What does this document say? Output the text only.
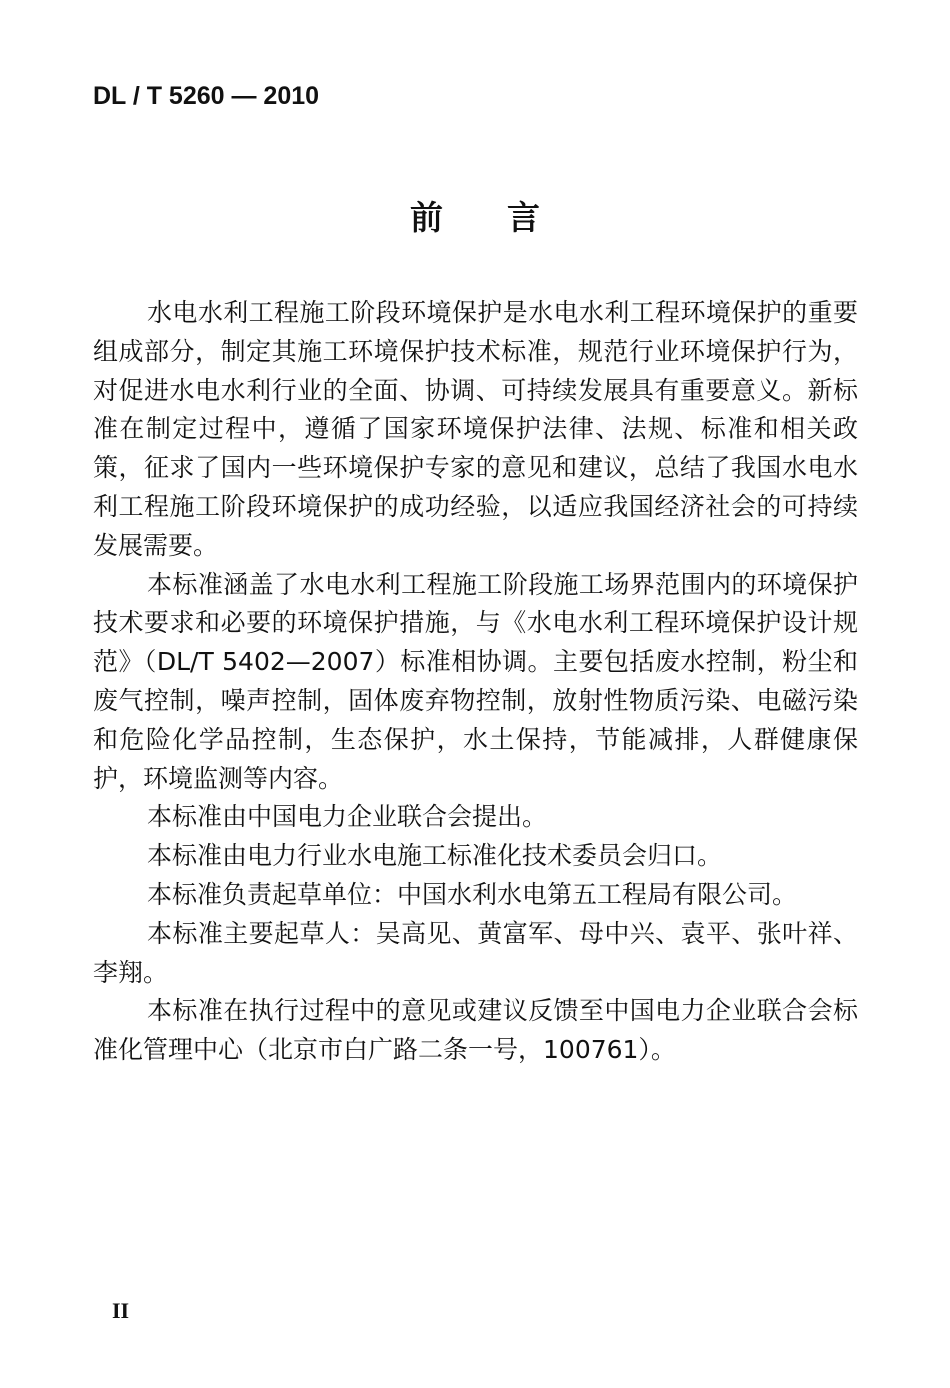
DL / T 5260 — 2010
前 言

水电水利工程施工阶段环境保护是水电水利工程环境保护的重要组成部分，制定其施工环境保护技术标准，规范行业环境保护行为，对促进水电水利行业的全面、协调、可持续发展具有重要意义。新标准在制定过程中，遵循了国家环境保护法律、法规、标准和相关政策，征求了国内一些环境保护专家的意见和建议，总结了我国水电水利工程施工阶段环境保护的成功经验，以适应我国经济社会的可持续发展需要。

本标准涵盖了水电水利工程施工阶段施工场界范围内的环境保护技术要求和必要的环境保护措施，与《水电水利工程环境保护设计规范》（DL/T 5402—2007）标准相协调。主要包括废水控制，粉尘和废气控制，噪声控制，固体废弃物控制，放射性物质污染、电磁污染和危险化学品控制，生态保护，水土保持，节能减排，人群健康保护，环境监测等内容。

本标准由中国电力企业联合会提出。

本标准由电力行业水电施工标准化技术委员会归口。

本标准负责起草单位：中国水利水电第五工程局有限公司。

本标准主要起草人：吴高见、黄富军、母中兴、袁平、张叶祥、李翔。

本标准在执行过程中的意见或建议反馈至中国电力企业联合会标准化管理中心（北京市白广路二条一号，100761）。

II
